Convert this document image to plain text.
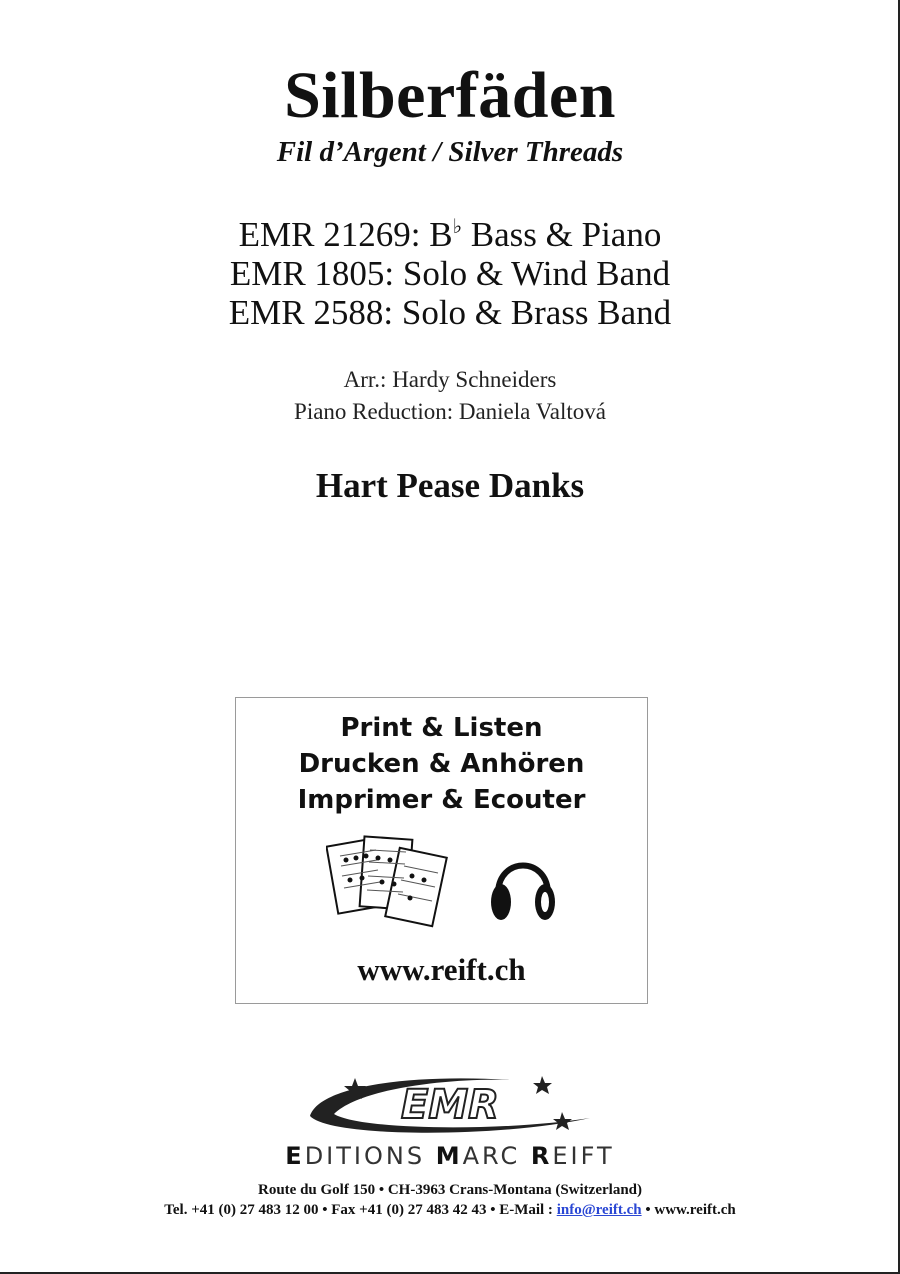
Silberfäden
Fil d’Argent / Silver Threads
EMR 21269: B♭ Bass & Piano
EMR 1805: Solo & Wind Band
EMR 2588: Solo & Brass Band
Arr.: Hardy Schneiders
Piano Reduction: Daniela Valtová
Hart Pease Danks
Print & Listen
Drucken & Anhören
Imprimer & Ecouter
www.reift.ch
EMR
EDITIONS MARC REIFT
Route du Golf 150 • CH-3963 Crans-Montana (Switzerland)
Tel. +41 (0) 27 483 12 00 • Fax +41 (0) 27 483 42 43 • E-Mail : info@reift.ch • www.reift.ch
